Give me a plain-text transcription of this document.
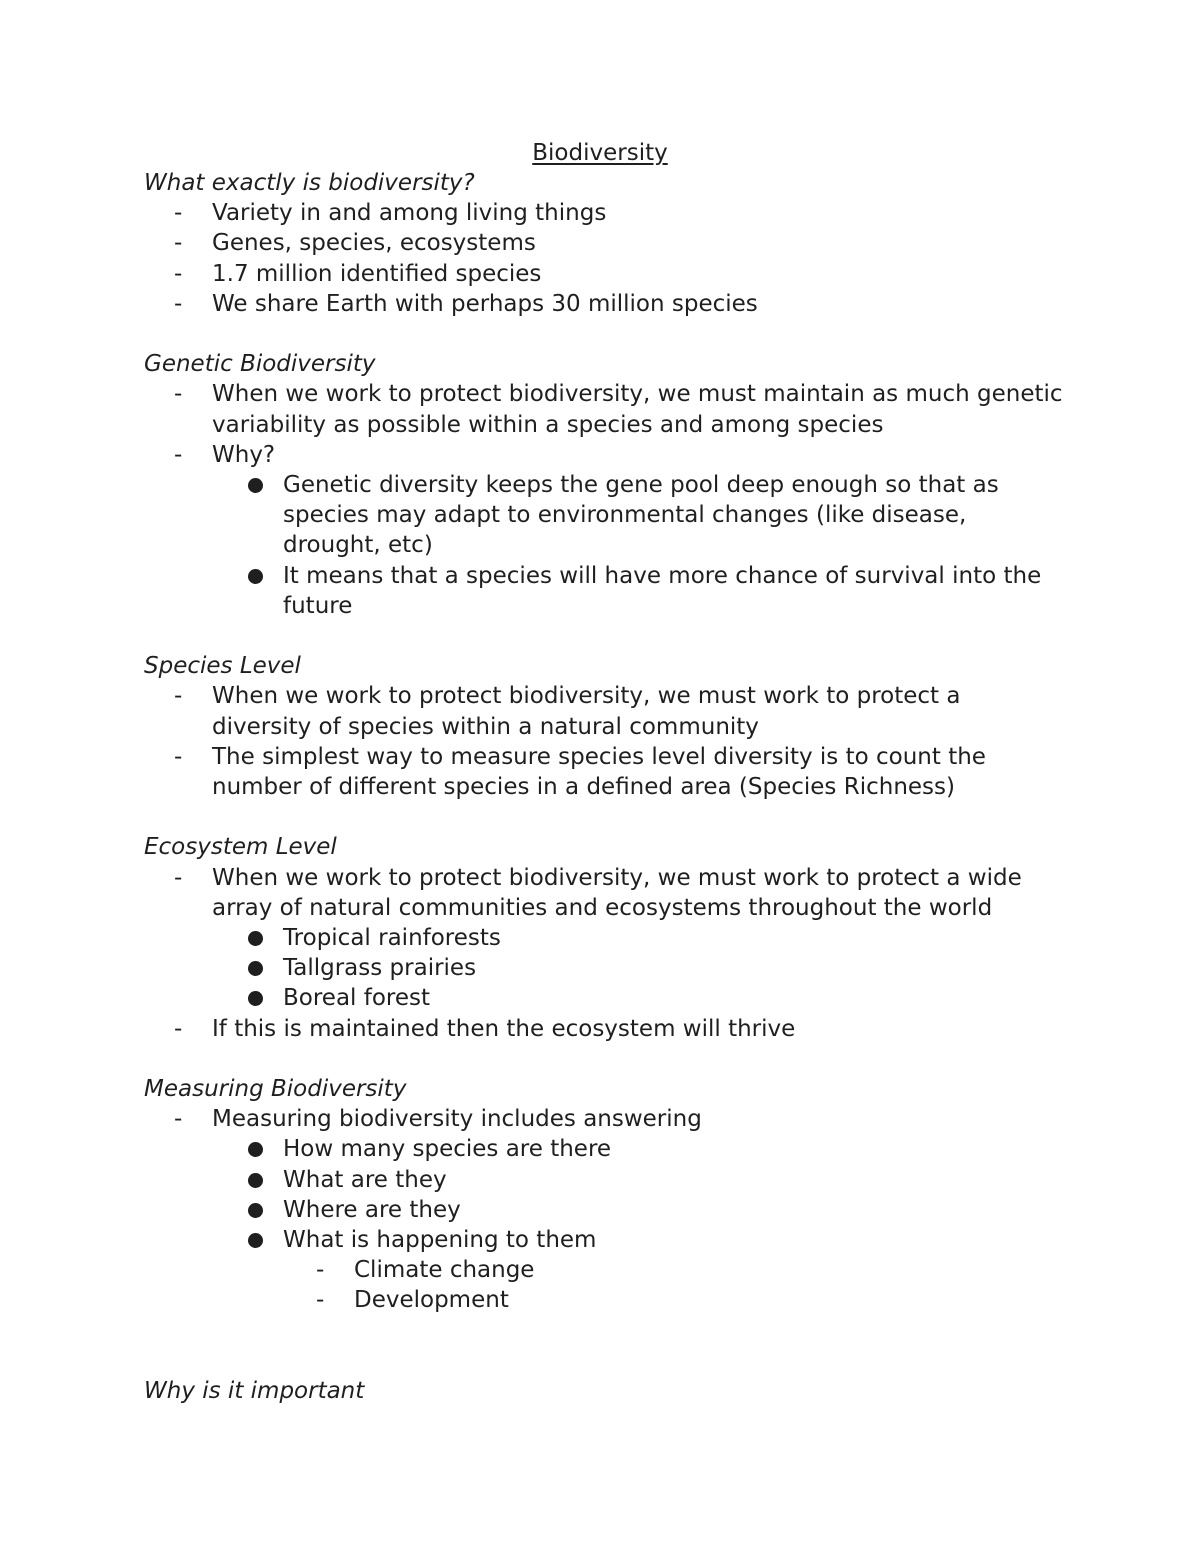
Biodiversity

What exactly is biodiversity?

- Variety in and among living things
- Genes, species, ecosystems
- 1.7 million identified species
- We share Earth with perhaps 30 million species

Genetic Biodiversity

- When we work to protect biodiversity, we must maintain as much genetic variability as possible within a species and among species
- Why?
Genetic diversity keeps the gene pool deep enough so that as species may adapt to environmental changes (like disease, drought, etc)
It means that a species will have more chance of survival into the future

Species Level

- When we work to protect biodiversity, we must work to protect a diversity of species within a natural community
- The simplest way to measure species level diversity is to count the number of different species in a defined area (Species Richness)

Ecosystem Level

- When we work to protect biodiversity, we must work to protect a wide array of natural communities and ecosystems throughout the world
Tropical rainforests
Tallgrass prairies
Boreal forest
- If this is maintained then the ecosystem will thrive

Measuring Biodiversity

- Measuring biodiversity includes answering
How many species are there
What are they
Where are they
What is happening to them
- Climate change
- Development

Why is it important
